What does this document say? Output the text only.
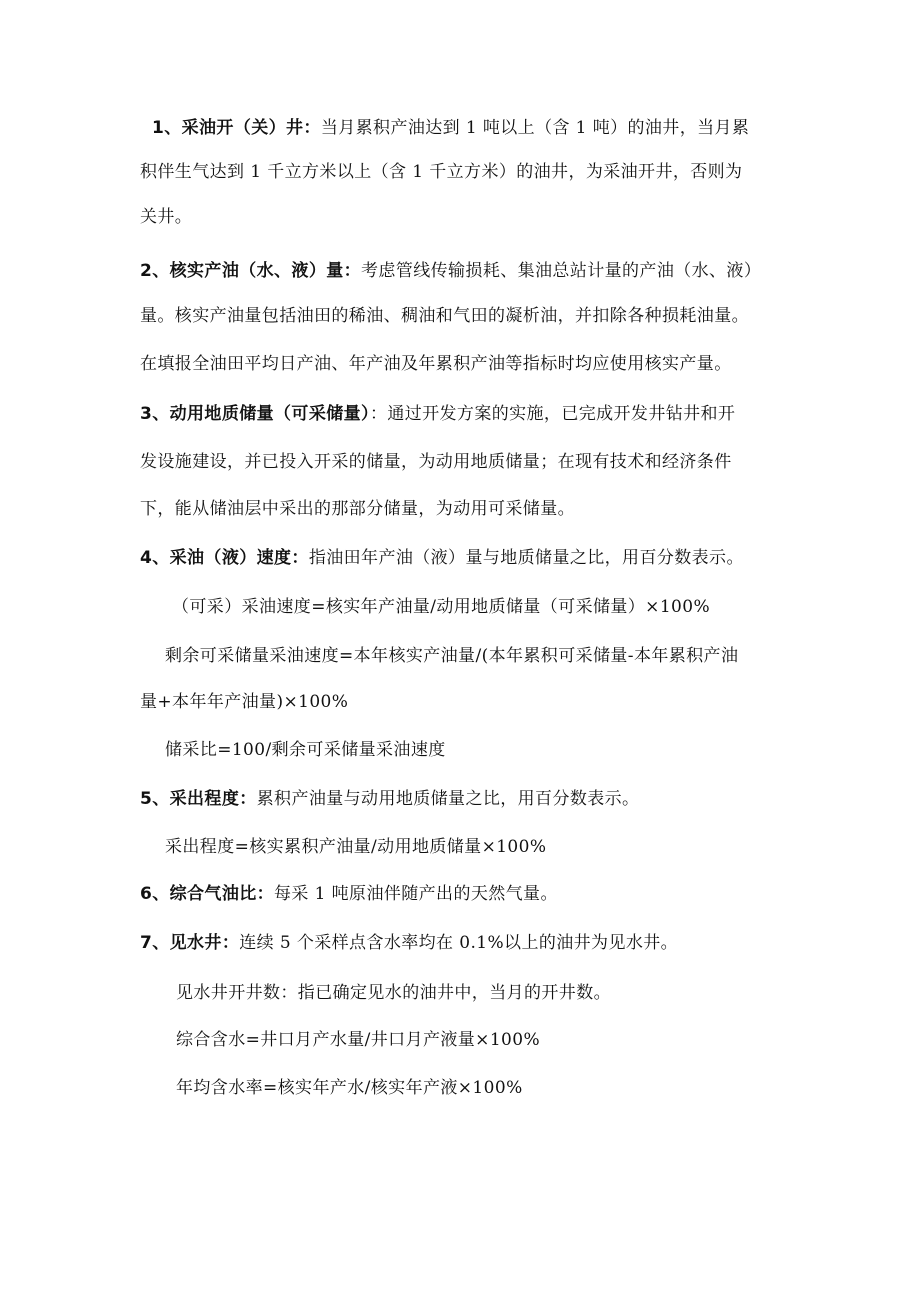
1、采油开（关）井：当月累积产油达到 1 吨以上（含 1 吨）的油井，当月累
积伴生气达到 1 千立方米以上（含 1 千立方米）的油井，为采油开井，否则为
关井。
2、核实产油（水、液）量：考虑管线传输损耗、集油总站计量的产油（水、液）
量。核实产油量包括油田的稀油、稠油和气田的凝析油，并扣除各种损耗油量。
在填报全油田平均日产油、年产油及年累积产油等指标时均应使用核实产量。
3、动用地质储量（可采储量）：通过开发方案的实施，已完成开发井钻井和开
发设施建设，并已投入开采的储量，为动用地质储量；在现有技术和经济条件
下，能从储油层中采出的那部分储量，为动用可采储量。
4、采油（液）速度：指油田年产油（液）量与地质储量之比，用百分数表示。
（可采）采油速度=核实年产油量/动用地质储量（可采储量）×100%
剩余可采储量采油速度=本年核实产油量/(本年累积可采储量-本年累积产油
量+本年年产油量)×100%
储采比=100/剩余可采储量采油速度
5、采出程度：累积产油量与动用地质储量之比，用百分数表示。
采出程度=核实累积产油量/动用地质储量×100%
6、综合气油比：每采 1 吨原油伴随产出的天然气量。
7、见水井：连续 5 个采样点含水率均在 0.1%以上的油井为见水井。
见水井开井数：指已确定见水的油井中，当月的开井数。
综合含水=井口月产水量/井口月产液量×100%
年均含水率=核实年产水/核实年产液×100%
